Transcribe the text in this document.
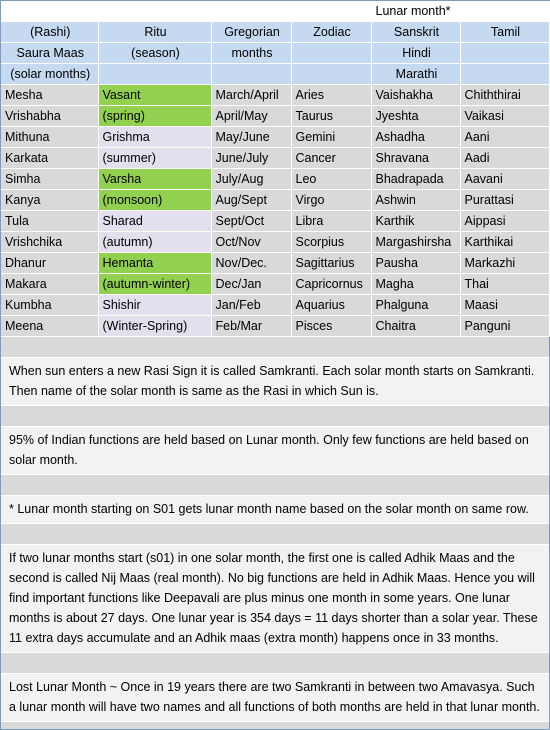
				Lunar month*	
(Rashi)	Ritu	Gregorian	Zodiac	Sanskrit	Tamil
Saura Maas	(season)	months		Hindi	
(solar months)				Marathi	
Mesha	Vasant	March/April	Aries	Vaishakha	Chiththirai
Vrishabha	(spring)	April/May	Taurus	Jyeshta	Vaikasi
Mithuna	Grishma	May/June	Gemini	Ashadha	Aani
Karkata	(summer)	June/July	Cancer	Shravana	Aadi
Simha	Varsha	July/Aug	Leo	Bhadrapada	Aavani
Kanya	(monsoon)	Aug/Sept	Virgo	Ashwin	Purattasi
Tula	Sharad	Sept/Oct	Libra	Karthik	Aippasi
Vrishchika	(autumn)	Oct/Nov	Scorpius	Margashirsha	Karthikai
Dhanur	Hemanta	Nov/Dec.	Sagittarius	Pausha	Markazhi
Makara	(autumn-winter)	Dec/Jan	Capricornus	Magha	Thai
Kumbha	Shishir	Jan/Feb	Aquarius	Phalguna	Maasi
Meena	(Winter-Spring)	Feb/Mar	Pisces	Chaitra	Panguni
When sun enters a new Rasi Sign it is called Samkranti. Each solar month starts on Samkranti. Then name of the solar month is same as the Rasi in which Sun is.
95% of Indian functions are held based on Lunar month. Only few functions are held based on solar month.
* Lunar month starting on S01 gets lunar month name based on the solar month on same row.
If two lunar months start (s01) in one solar month, the first one is called Adhik Maas and the second is called Nij Maas (real month). No big functions are held in Adhik Maas. Hence you will find important functions like Deepavali are plus minus one month in some years. One lunar months is about 27 days. One lunar year is 354 days = 11 days shorter than a solar year. These 11 extra days accumulate and an Adhik maas (extra month) happens once in 33 months.
Lost Lunar Month ~ Once in 19 years there are two Samkranti in between two Amavasya. Such a lunar month will have two names and all functions of both months are held in that lunar month.
